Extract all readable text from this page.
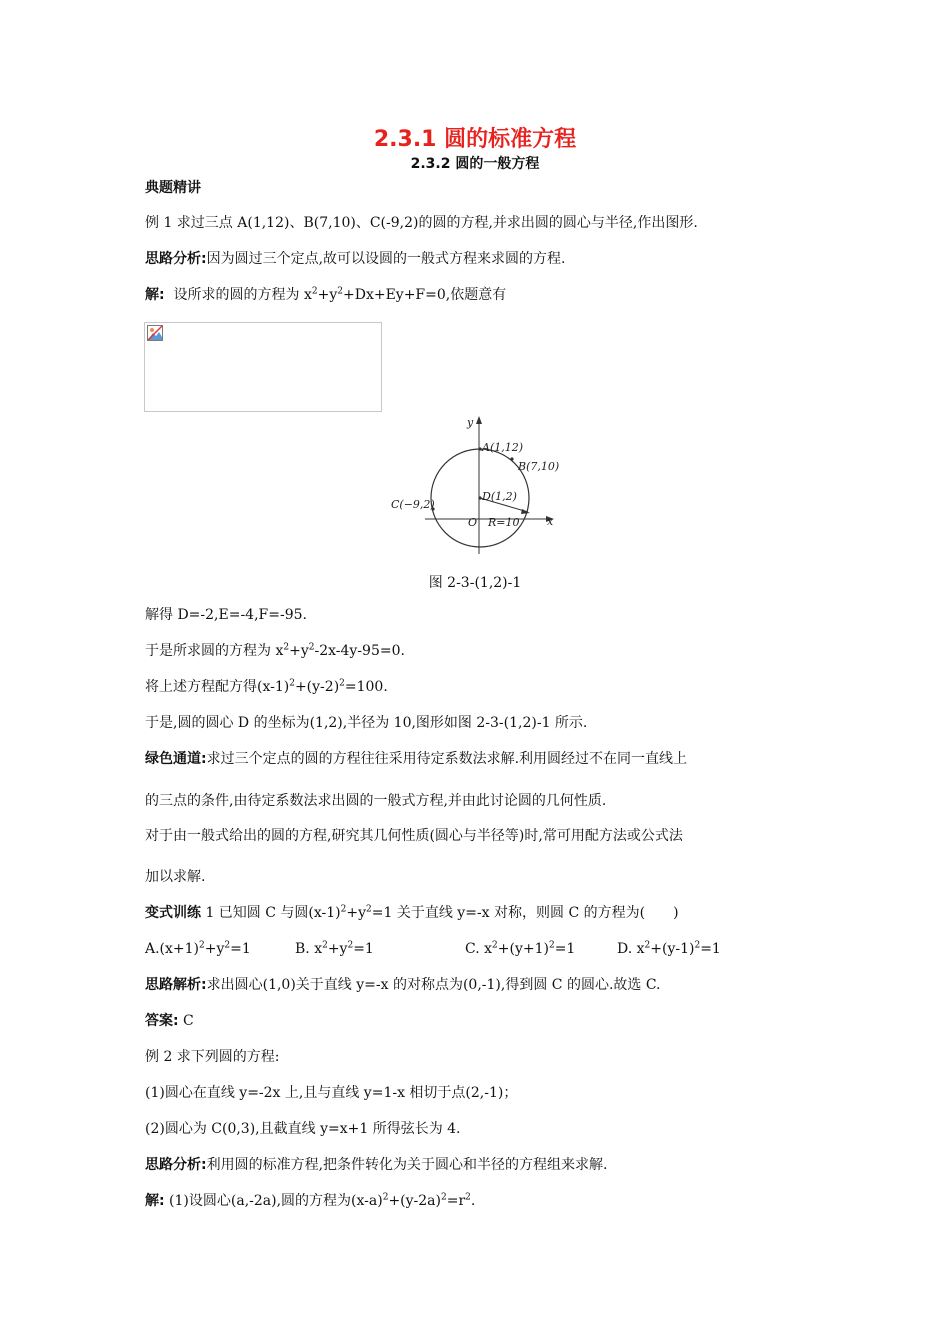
2.3.1 圆的标准方程
2.3.2 圆的一般方程
典题精讲
例 1 求过三点 A(1,12)、B(7,10)、C(-9,2)的圆的方程,并求出圆的圆心与半径,作出图形.
思路分析:因为圆过三个定点,故可以设圆的一般式方程来求圆的方程.
解: 设所求的圆的方程为 $x^2+y^2+Dx+Ey+F=0$,依题意有
y
x
O
A(1,12)
B(7,10)
C(−9,2)
D(1,2)
R=10
图 2-3-(1,2)-1
解得 D=-2,E=-4,F=-95.
于是所求圆的方程为 $x^2+y^2-2x-4y-95=0$.
将上述方程配方得$(x-1)^2+(y-2)^2=100$.
于是,圆的圆心 D 的坐标为(1,2),半径为 10,图形如图 2-3-(1,2)-1 所示.
绿色通道:求过三个定点的圆的方程往往采用待定系数法求解.利用圆经过不在同一直线上
的三点的条件,由待定系数法求出圆的一般式方程,并由此讨论圆的几何性质.
对于由一般式给出的圆的方程,研究其几何性质(圆心与半径等)时,常可用配方法或公式法
加以求解.
变式训练 1 已知圆 C 与圆$(x-1)^2+y^2=1$ 关于直线 y=-x 对称，则圆 C 的方程为(　　)
$A.(x+1)^2+y^2=1$	B. $x^2+y^2=1$	C. $x^2+(y+1)^2=1$	D. $x^2+(y-1)^2=1$
思路解析:求出圆心(1,0)关于直线 y=-x 的对称点为(0,-1),得到圆 C 的圆心.故选 C.
答案: C
例 2 求下列圆的方程:
(1)圆心在直线 y=-2x 上,且与直线 y=1-x 相切于点(2,-1)；
(2)圆心为 C(0,3),且截直线 y=x+1 所得弦长为 4.
思路分析:利用圆的标准方程,把条件转化为关于圆心和半径的方程组来求解.
解: (1)设圆心(a,-2a),圆的方程为$(x-a)^2+(y-2a)^2=r^2$.
